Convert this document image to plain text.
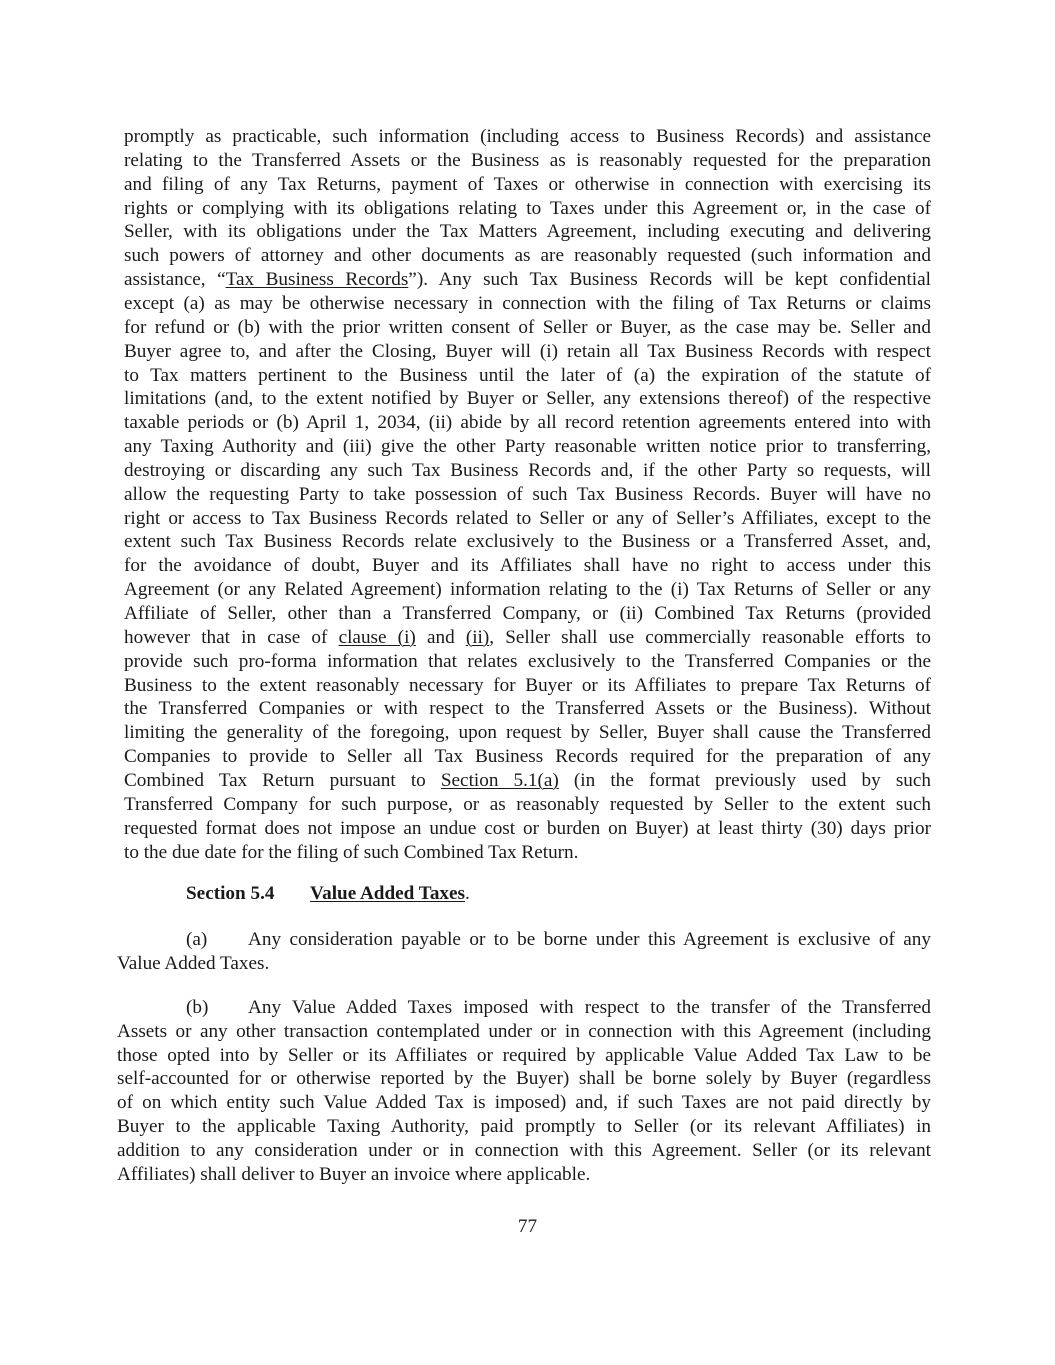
promptly as practicable, such information (including access to Business Records) and assistance
relating to the Transferred Assets or the Business as is reasonably requested for the preparation
and filing of any Tax Returns, payment of Taxes or otherwise in connection with exercising its
rights or complying with its obligations relating to Taxes under this Agreement or, in the case of
Seller, with its obligations under the Tax Matters Agreement, including executing and delivering
such powers of attorney and other documents as are reasonably requested (such information and
assistance, “Tax Business Records”). Any such Tax Business Records will be kept confidential
except (a) as may be otherwise necessary in connection with the filing of Tax Returns or claims
for refund or (b) with the prior written consent of Seller or Buyer, as the case may be. Seller and
Buyer agree to, and after the Closing, Buyer will (i) retain all Tax Business Records with respect
to Tax matters pertinent to the Business until the later of (a) the expiration of the statute of
limitations (and, to the extent notified by Buyer or Seller, any extensions thereof) of the respective
taxable periods or (b) April 1, 2034, (ii) abide by all record retention agreements entered into with
any Taxing Authority and (iii) give the other Party reasonable written notice prior to transferring,
destroying or discarding any such Tax Business Records and, if the other Party so requests, will
allow the requesting Party to take possession of such Tax Business Records. Buyer will have no
right or access to Tax Business Records related to Seller or any of Seller’s Affiliates, except to the
extent such Tax Business Records relate exclusively to the Business or a Transferred Asset, and,
for the avoidance of doubt, Buyer and its Affiliates shall have no right to access under this
Agreement (or any Related Agreement) information relating to the (i) Tax Returns of Seller or any
Affiliate of Seller, other than a Transferred Company, or (ii) Combined Tax Returns (provided
however that in case of clause (i) and (ii), Seller shall use commercially reasonable efforts to
provide such pro-forma information that relates exclusively to the Transferred Companies or the
Business to the extent reasonably necessary for Buyer or its Affiliates to prepare Tax Returns of
the Transferred Companies or with respect to the Transferred Assets or the Business). Without
limiting the generality of the foregoing, upon request by Seller, Buyer shall cause the Transferred
Companies to provide to Seller all Tax Business Records required for the preparation of any
Combined Tax Return pursuant to Section 5.1(a) (in the format previously used by such
Transferred Company for such purpose, or as reasonably requested by Seller to the extent such
requested format does not impose an undue cost or burden on Buyer) at least thirty (30) days prior
to the due date for the filing of such Combined Tax Return.
Section 5.4 Value Added Taxes.
(a) Any consideration payable or to be borne under this Agreement is exclusive of any
Value Added Taxes.
(b) Any Value Added Taxes imposed with respect to the transfer of the Transferred
Assets or any other transaction contemplated under or in connection with this Agreement (including
those opted into by Seller or its Affiliates or required by applicable Value Added Tax Law to be
self-accounted for or otherwise reported by the Buyer) shall be borne solely by Buyer (regardless
of on which entity such Value Added Tax is imposed) and, if such Taxes are not paid directly by
Buyer to the applicable Taxing Authority, paid promptly to Seller (or its relevant Affiliates) in
addition to any consideration under or in connection with this Agreement. Seller (or its relevant
Affiliates) shall deliver to Buyer an invoice where applicable.
77
